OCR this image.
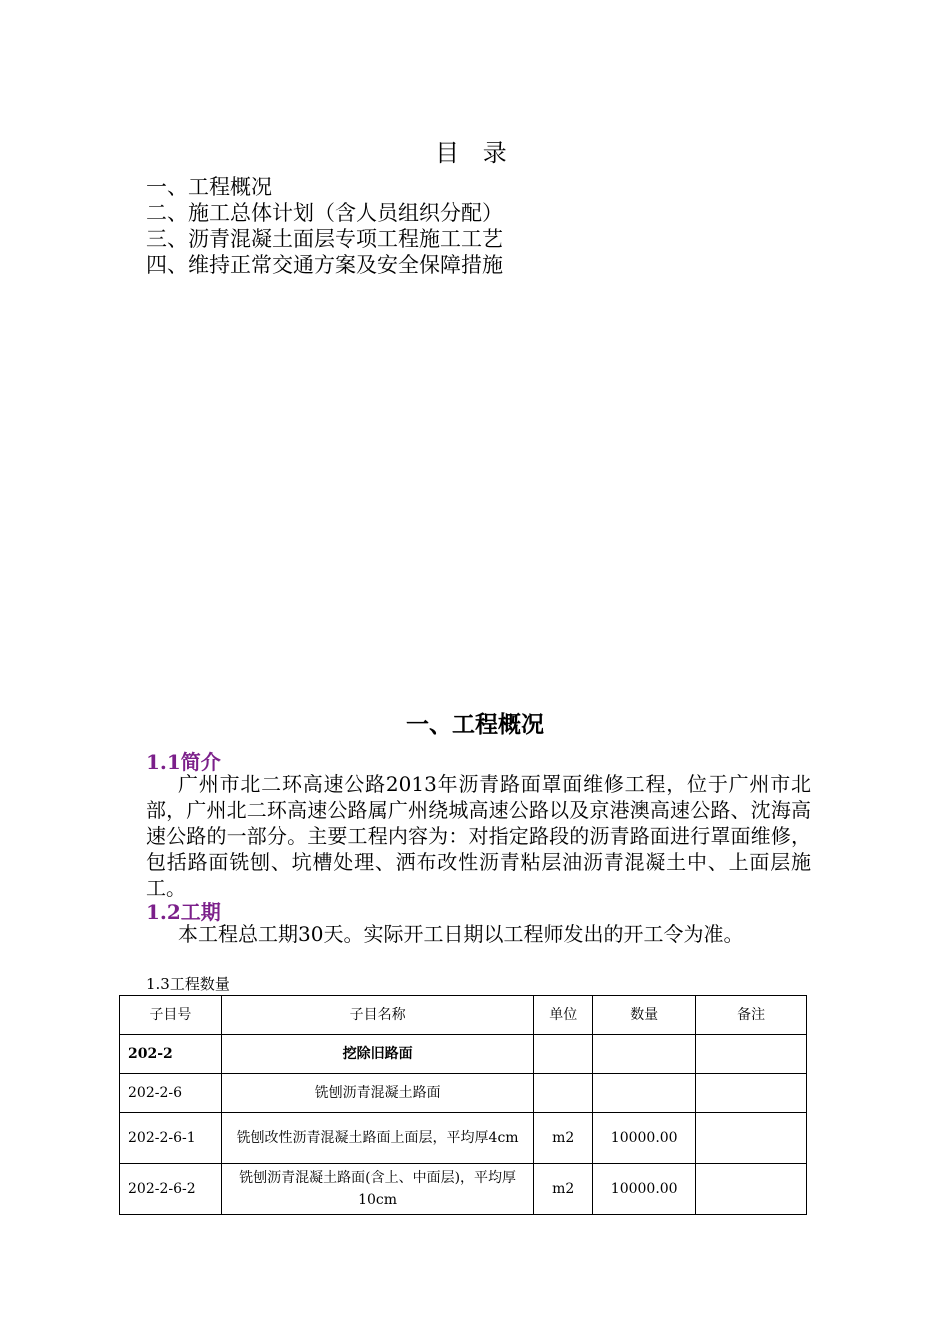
目 录
一、工程概况
二、施工总体计划（含人员组织分配）
三、沥青混凝土面层专项工程施工工艺
四、维持正常交通方案及安全保障措施
一、工程概况
1.1简介
广州市北二环高速公路2013年沥青路面罩面维修工程，位于广州市北部，广州北二环高速公路属广州绕城高速公路以及京港澳高速公路、沈海高速公路的一部分。主要工程内容为：对指定路段的沥青路面进行罩面维修，包括路面铣刨、坑槽处理、洒布改性沥青粘层油沥青混凝土中、上面层施工。
1.2工期
本工程总工期30天。实际开工日期以工程师发出的开工令为准。
1.3工程数量
子目号	子目名称	单位	数量	备注
202-2	挖除旧路面			
202-2-6	铣刨沥青混凝土路面			
202-2-6-1	铣刨改性沥青混凝土路面上面层，平均厚4cm	m2	10000.00	
202-2-6-2	铣刨沥青混凝土路面(含上、中面层)，平均厚10cm	m2	10000.00	
